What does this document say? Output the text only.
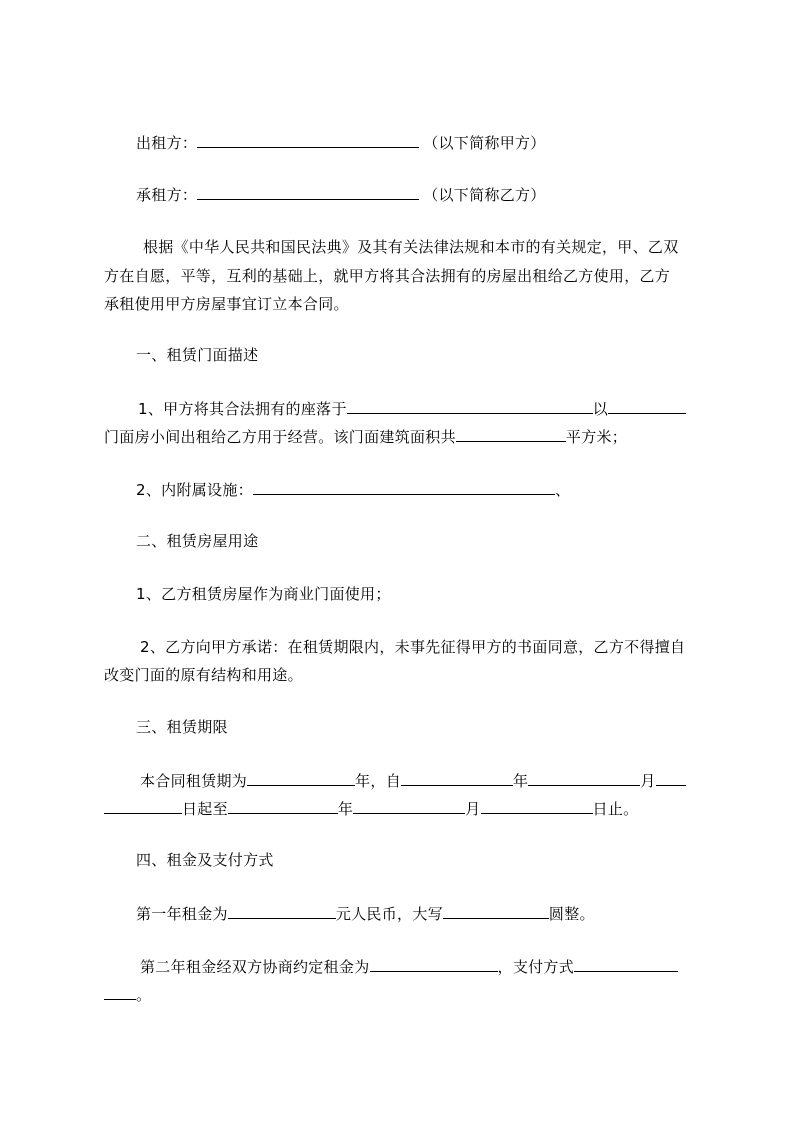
出租方：	（以下简称甲方）

承租方：	（以下简称乙方）

根据《中华人民共和国民法典》及其有关法律法规和本市的有关规定，甲、乙双

方在自愿，平等，互利的基础上，就甲方将其合法拥有的房屋出租给乙方使用，乙方

承租使用甲方房屋事宜订立本合同。

一、租赁门面描述

1、甲方将其合法拥有的座落于	以

门面房小间出租给乙方用于经营。该门面建筑面积共	平方米；

2、内附属设施：	、

二、租赁房屋用途

1、乙方租赁房屋作为商业门面使用；

2、乙方向甲方承诺：在租赁期限内，未事先征得甲方的书面同意，乙方不得擅自

改变门面的原有结构和用途。

三、租赁期限

本合同租赁期为	年，自	年	月

日起至	年	月	日止。

四、租金及支付方式

第一年租金为	元人民币，大写	圆整。

第二年租金经双方协商约定租金为	，支付方式

。
